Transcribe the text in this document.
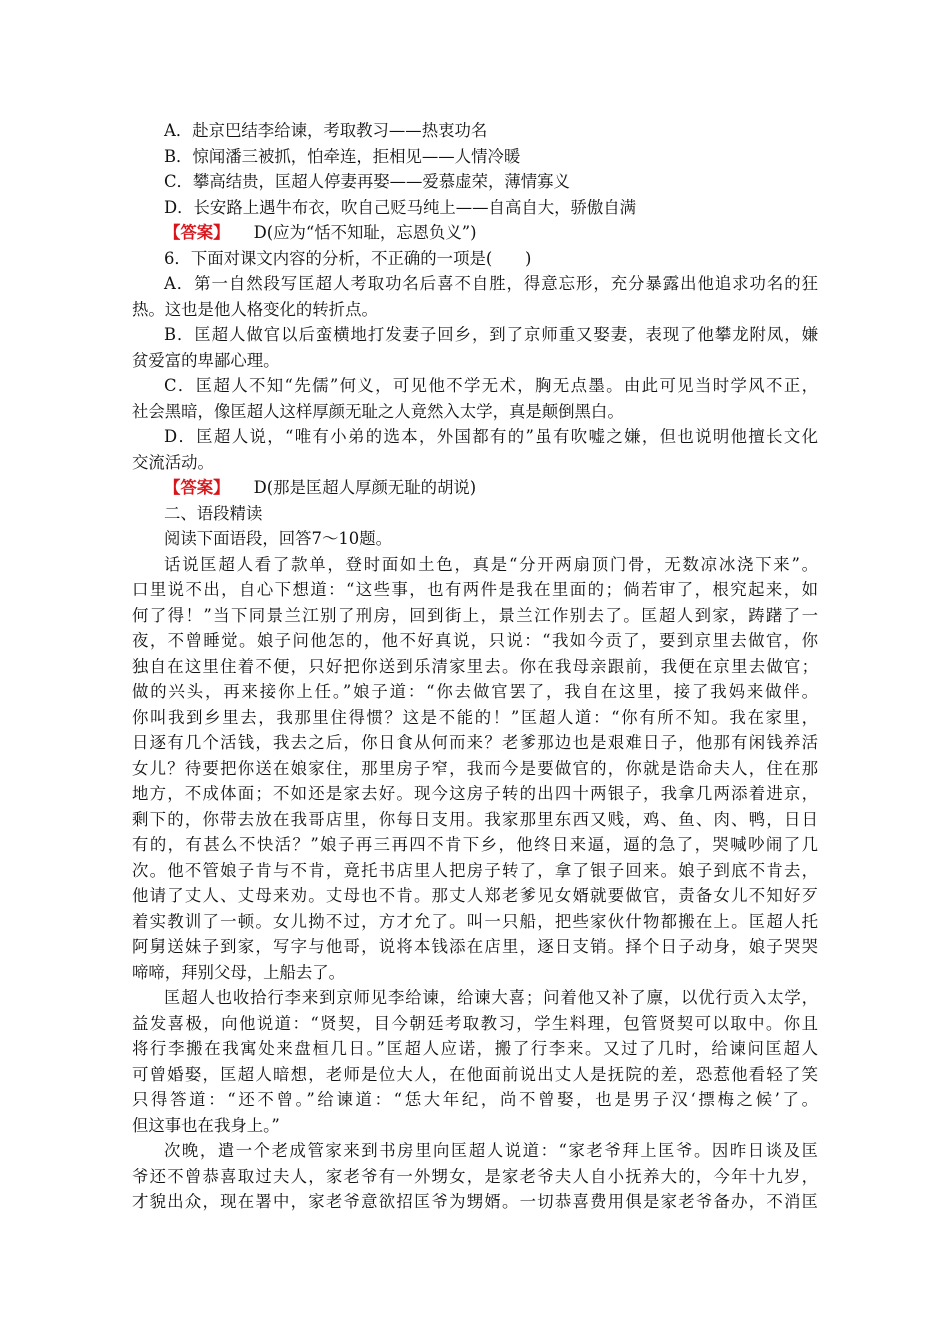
A．赴京巴结李给谏，考取教习——热衷功名
B．惊闻潘三被抓，怕牵连，拒相见——人情冷暖
C．攀高结贵，匡超人停妻再娶——爱慕虚荣，薄情寡义
D．长安路上遇牛布衣，吹自己贬马纯上——自高自大，骄傲自满
【答案】 D(应为“恬不知耻，忘恩负义”)
6．下面对课文内容的分析，不正确的一项是(　　)
A．第一自然段写匡超人考取功名后喜不自胜，得意忘形，充分暴露出他追求功名的狂
热。这也是他人格变化的转折点。
B．匡超人做官以后蛮横地打发妻子回乡，到了京师重又娶妻，表现了他攀龙附凤，嫌
贫爱富的卑鄙心理。
C．匡超人不知“先儒”何义，可见他不学无术，胸无点墨。由此可见当时学风不正，
社会黑暗，像匡超人这样厚颜无耻之人竟然入太学，真是颠倒黑白。
D．匡超人说，“唯有小弟的选本，外国都有的”虽有吹嘘之嫌，但也说明他擅长文化
交流活动。
【答案】 D(那是匡超人厚颜无耻的胡说)
二、语段精读
阅读下面语段，回答7～10题。
话说匡超人看了款单，登时面如土色，真是“分开两扇顶门骨，无数凉冰浇下来”。
口里说不出，自心下想道：“这些事，也有两件是我在里面的；倘若审了，根究起来，如
何了得！”当下同景兰江别了刑房，回到街上，景兰江作别去了。匡超人到家，踌躇了一
夜，不曾睡觉。娘子问他怎的，他不好真说，只说：“我如今贡了，要到京里去做官，你
独自在这里住着不便，只好把你送到乐清家里去。你在我母亲跟前，我便在京里去做官；
做的兴头，再来接你上任。”娘子道：“你去做官罢了，我自在这里，接了我妈来做伴。
你叫我到乡里去，我那里住得惯？这是不能的！”匡超人道：“你有所不知。我在家里，
日逐有几个活钱，我去之后，你日食从何而来？老爹那边也是艰难日子，他那有闲钱养活
女儿？待要把你送在娘家住，那里房子窄，我而今是要做官的，你就是诰命夫人，住在那
地方，不成体面；不如还是家去好。现今这房子转的出四十两银子，我拿几两添着进京，
剩下的，你带去放在我哥店里，你每日支用。我家那里东西又贱，鸡、鱼、肉、鸭，日日
有的，有甚么不快活？”娘子再三再四不肯下乡，他终日来逼，逼的急了，哭喊吵闹了几
次。他不管娘子肯与不肯，竟托书店里人把房子转了，拿了银子回来。娘子到底不肯去，
他请了丈人、丈母来劝。丈母也不肯。那丈人郑老爹见女婿就要做官，责备女儿不知好歹
着实教训了一顿。女儿拗不过，方才允了。叫一只船，把些家伙什物都搬在上。匡超人托
阿舅送妹子到家，写字与他哥，说将本钱添在店里，逐日支销。择个日子动身，娘子哭哭
啼啼，拜别父母，上船去了。
匡超人也收拾行李来到京师见李给谏，给谏大喜；问着他又补了廪，以优行贡入太学，
益发喜极，向他说道：“贤契，目今朝廷考取教习，学生料理，包管贤契可以取中。你且
将行李搬在我寓处来盘桓几日。”匡超人应诺，搬了行李来。又过了几时，给谏问匡超人
可曾婚娶，匡超人暗想，老师是位大人，在他面前说出丈人是抚院的差，恐惹他看轻了笑
只得答道：“还不曾。”给谏道：“恁大年纪，尚不曾娶，也是男子汉‘摽梅之候’了。
但这事也在我身上。”
次晚，遣一个老成管家来到书房里向匡超人说道：“家老爷拜上匡爷。因昨日谈及匡
爷还不曾恭喜取过夫人，家老爷有一外甥女，是家老爷夫人自小抚养大的，今年十九岁，
才貌出众，现在署中，家老爷意欲招匡爷为甥婿。一切恭喜费用俱是家老爷备办，不消匡
